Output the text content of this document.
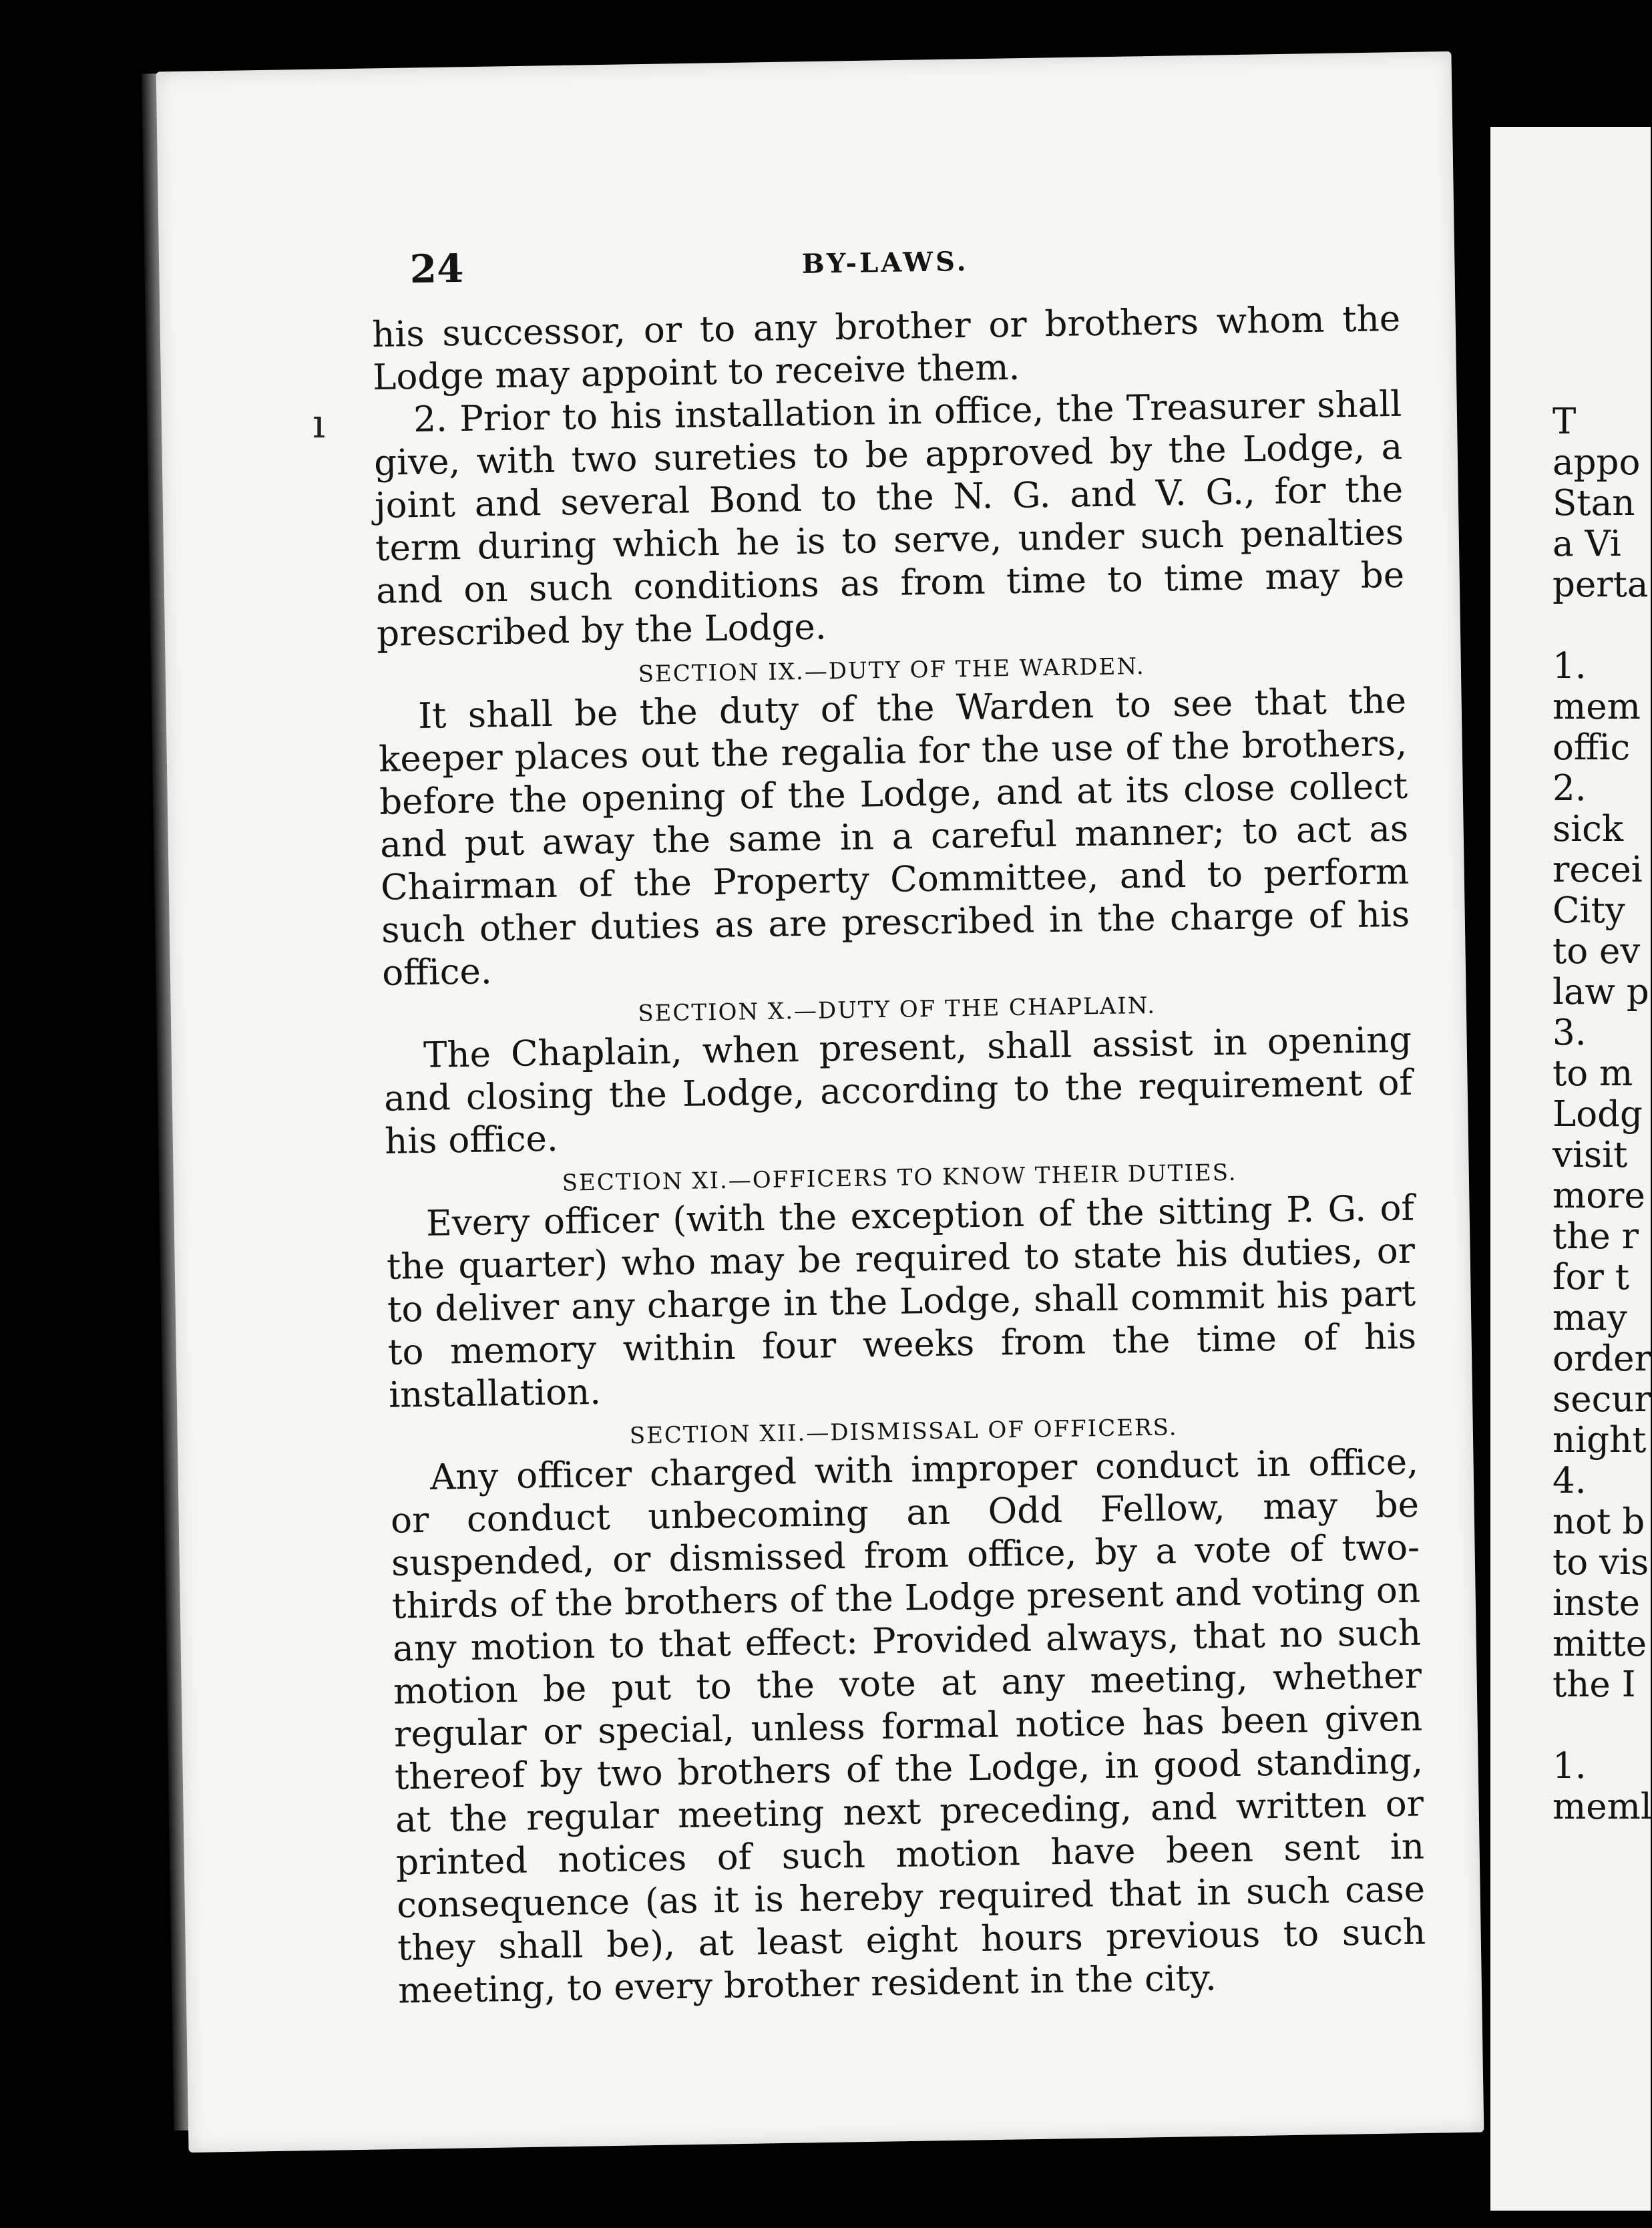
ı
24	BY-LAWS.

his successor, or to any brother or brothers whom the Lodge may appoint to receive them.

2. Prior to his installation in office, the Treasurer shall give, with two sureties to be approved by the Lodge, a joint and several Bond to the N. G. and V. G., for the term during which he is to serve, under such penalties and on such conditions as from time to time may be prescribed by the Lodge.

SECTION IX.—DUTY OF THE WARDEN.

It shall be the duty of the Warden to see that the keeper places out the regalia for the use of the brothers, before the opening of the Lodge, and at its close collect and put away the same in a careful manner; to act as Chairman of the Property Committee, and to perform such other duties as are prescribed in the charge of his office.

SECTION X.—DUTY OF THE CHAPLAIN.

The Chaplain, when present, shall assist in opening and closing the Lodge, according to the requirement of his office.

SECTION XI.—OFFICERS TO KNOW THEIR DUTIES.

Every officer (with the exception of the sitting P. G. of the quarter) who may be required to state his duties, or to deliver any charge in the Lodge, shall commit his part to memory within four weeks from the time of his installation.

SECTION XII.—DISMISSAL OF OFFICERS.

Any officer charged with improper conduct in office, or conduct unbecoming an Odd Fellow, may be suspended, or dismissed from office, by a vote of two-thirds of the brothers of the Lodge present and voting on any motion to that effect: Provided always, that no such motion be put to the vote at any meeting, whether regular or special, unless formal notice has been given thereof by two brothers of the Lodge, in good standing, at the regular meeting next preceding, and written or printed notices of such motion have been sent in consequence (as it is hereby required that in such case they shall be), at least eight hours previous to such meeting, to every brother resident in the city.

T
appo
Stan
a Vi
perta
1.
mem
offic
2.
sick
recei
City
to ev
law p
3.
to m
Lodg
visit
more
the r
for t
may
order
secur
night
4.
not b
to vis
inste
mitte
the I
1.
meml
